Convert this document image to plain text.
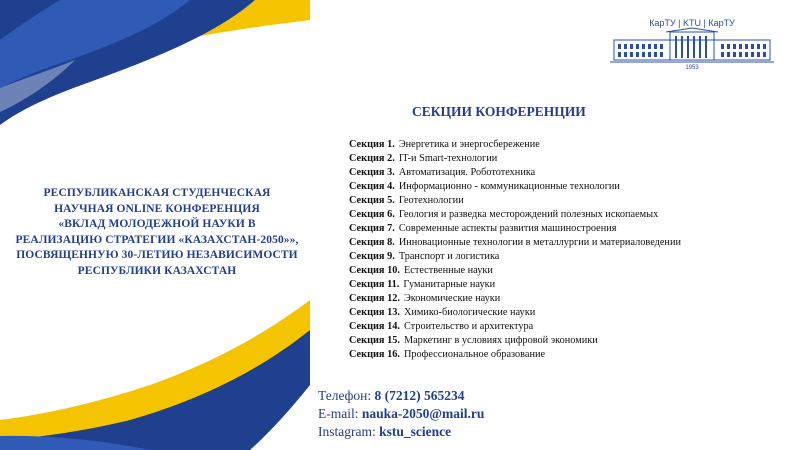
РЕСПУБЛИКАНСКАЯ СТУДЕНЧЕСКАЯ
НАУЧНАЯ ONLINE КОНФЕРЕНЦИЯ
«ВКЛАД МОЛОДЕЖНОЙ НАУКИ В
РЕАЛИЗАЦИЮ СТРАТЕГИИ «КАЗАХСТАН-2050»»,
ПОСВЯЩЕННУЮ 30-ЛЕТИЮ НЕЗАВИСИМОСТИ
РЕСПУБЛИКИ КАЗАХСТАН
КарТУ | KTU | КарТУ
1953
СЕКЦИИ КОНФЕРЕНЦИИ
Секция 1. Энергетика и энергосбережение
Секция 2. IT-и Smart-технологии
Секция 3. Автоматизация. Робототехника
Секция 4. Информационно - коммуникационные технологии
Секция 5. Геотехнологии
Секция 6. Геология и разведка месторождений полезных ископаемых
Секция 7. Современные аспекты развития машиностроения
Секция 8. Инновационные технологии в металлургии и материаловедении
Секция 9. Транспорт и логистика
Секция 10. Естественные науки
Секция 11. Гуманитарные науки
Секция 12. Экономические науки
Секция 13. Химико-биологические науки
Секция 14. Строительство и архитектура
Секция 15. Маркетинг в условиях цифровой экономики
Секция 16. Профессиональное образование
Телефон: 8 (7212) 565234
E-mail: nauka-2050@mail.ru
Instagram: kstu_science
